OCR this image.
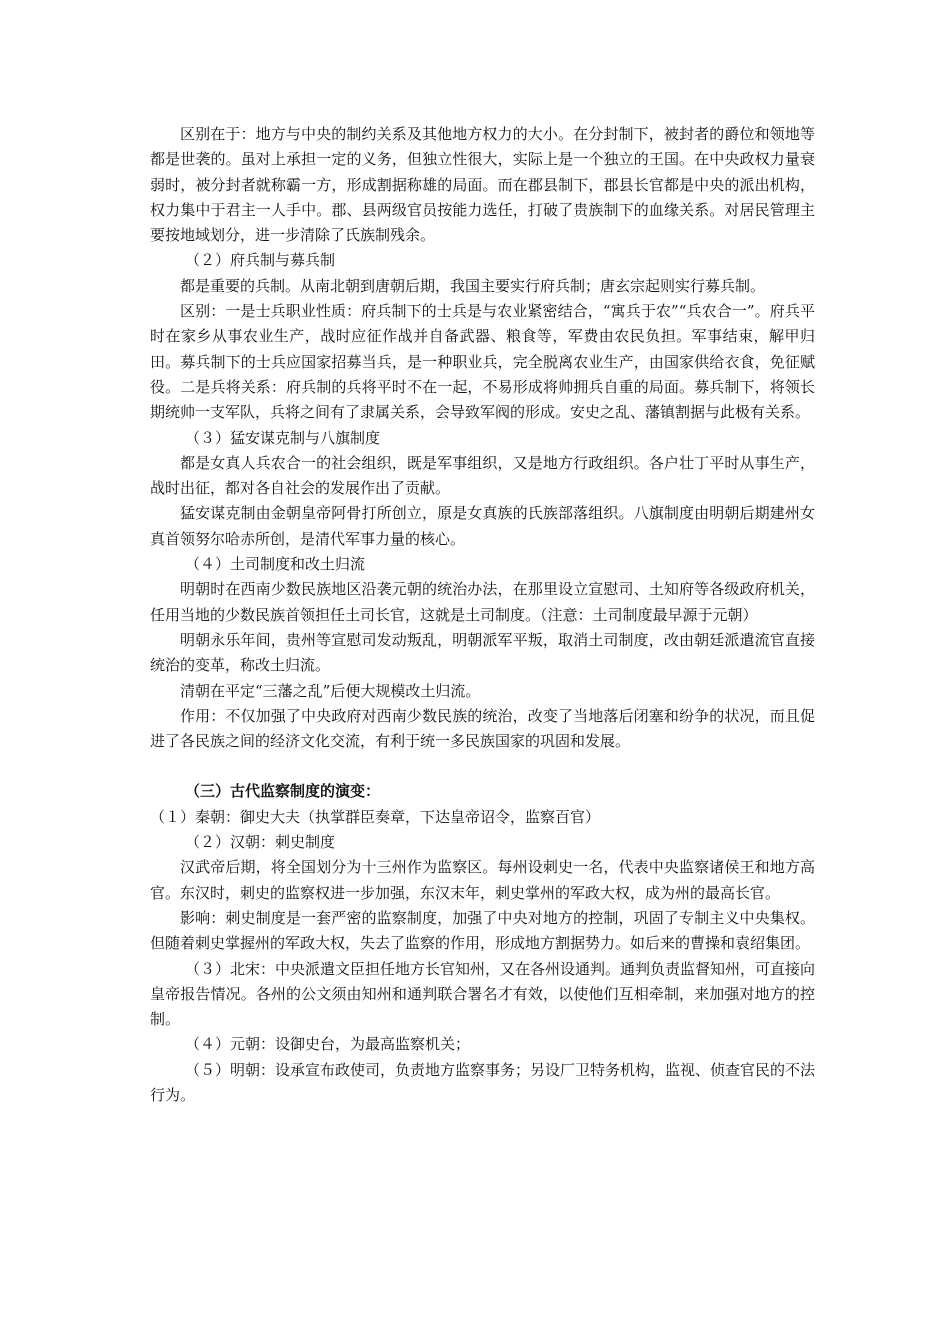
区别在于：地方与中央的制约关系及其他地方权力的大小。在分封制下，被封者的爵位和领地等都是世袭的。虽对上承担一定的义务，但独立性很大，实际上是一个独立的王国。在中央政权力量衰弱时，被分封者就称霸一方，形成割据称雄的局面。而在郡县制下，郡县长官都是中央的派出机构，权力集中于君主一人手中。郡、县两级官员按能力选任，打破了贵族制下的血缘关系。对居民管理主要按地域划分，进一步清除了氏族制残余。

（２）府兵制与募兵制

都是重要的兵制。从南北朝到唐朝后期，我国主要实行府兵制；唐玄宗起则实行募兵制。

区别：一是士兵职业性质：府兵制下的士兵是与农业紧密结合，“寓兵于农”“兵农合一”。府兵平时在家乡从事农业生产，战时应征作战并自备武器、粮食等，军费由农民负担。军事结束，解甲归田。募兵制下的士兵应国家招募当兵，是一种职业兵，完全脱离农业生产，由国家供给衣食，免征赋役。二是兵将关系：府兵制的兵将平时不在一起，不易形成将帅拥兵自重的局面。募兵制下，将领长期统帅一支军队，兵将之间有了隶属关系，会导致军阀的形成。安史之乱、藩镇割据与此极有关系。

（３）猛安谋克制与八旗制度

都是女真人兵农合一的社会组织，既是军事组织，又是地方行政组织。各户壮丁平时从事生产，战时出征，都对各自社会的发展作出了贡献。

猛安谋克制由金朝皇帝阿骨打所创立，原是女真族的氏族部落组织。八旗制度由明朝后期建州女真首领努尔哈赤所创，是清代军事力量的核心。

（４）土司制度和改土归流

明朝时在西南少数民族地区沿袭元朝的统治办法，在那里设立宣慰司、土知府等各级政府机关，任用当地的少数民族首领担任土司长官，这就是土司制度。（注意：土司制度最早源于元朝）

明朝永乐年间，贵州等宣慰司发动叛乱，明朝派军平叛，取消土司制度，改由朝廷派遣流官直接统治的变革，称改土归流。

清朝在平定“三藩之乱”后便大规模改土归流。

作用：不仅加强了中央政府对西南少数民族的统治，改变了当地落后闭塞和纷争的状况，而且促进了各民族之间的经济文化交流，有利于统一多民族国家的巩固和发展。

（三）古代监察制度的演变：

（１）秦朝：御史大夫（执掌群臣奏章，下达皇帝诏令，监察百官）

（２）汉朝：刺史制度

汉武帝后期，将全国划分为十三州作为监察区。每州设刺史一名，代表中央监察诸侯王和地方高官。东汉时，刺史的监察权进一步加强，东汉末年，刺史掌州的军政大权，成为州的最高长官。

影响：刺史制度是一套严密的监察制度，加强了中央对地方的控制，巩固了专制主义中央集权。但随着刺史掌握州的军政大权，失去了监察的作用，形成地方割据势力。如后来的曹操和袁绍集团。

（３）北宋：中央派遣文臣担任地方长官知州，又在各州设通判。通判负责监督知州，可直接向皇帝报告情况。各州的公文须由知州和通判联合署名才有效，以使他们互相牵制，来加强对地方的控制。

（４）元朝：设御史台，为最高监察机关；

（５）明朝：设承宣布政使司，负责地方监察事务；另设厂卫特务机构，监视、侦查官民的不法行为。
